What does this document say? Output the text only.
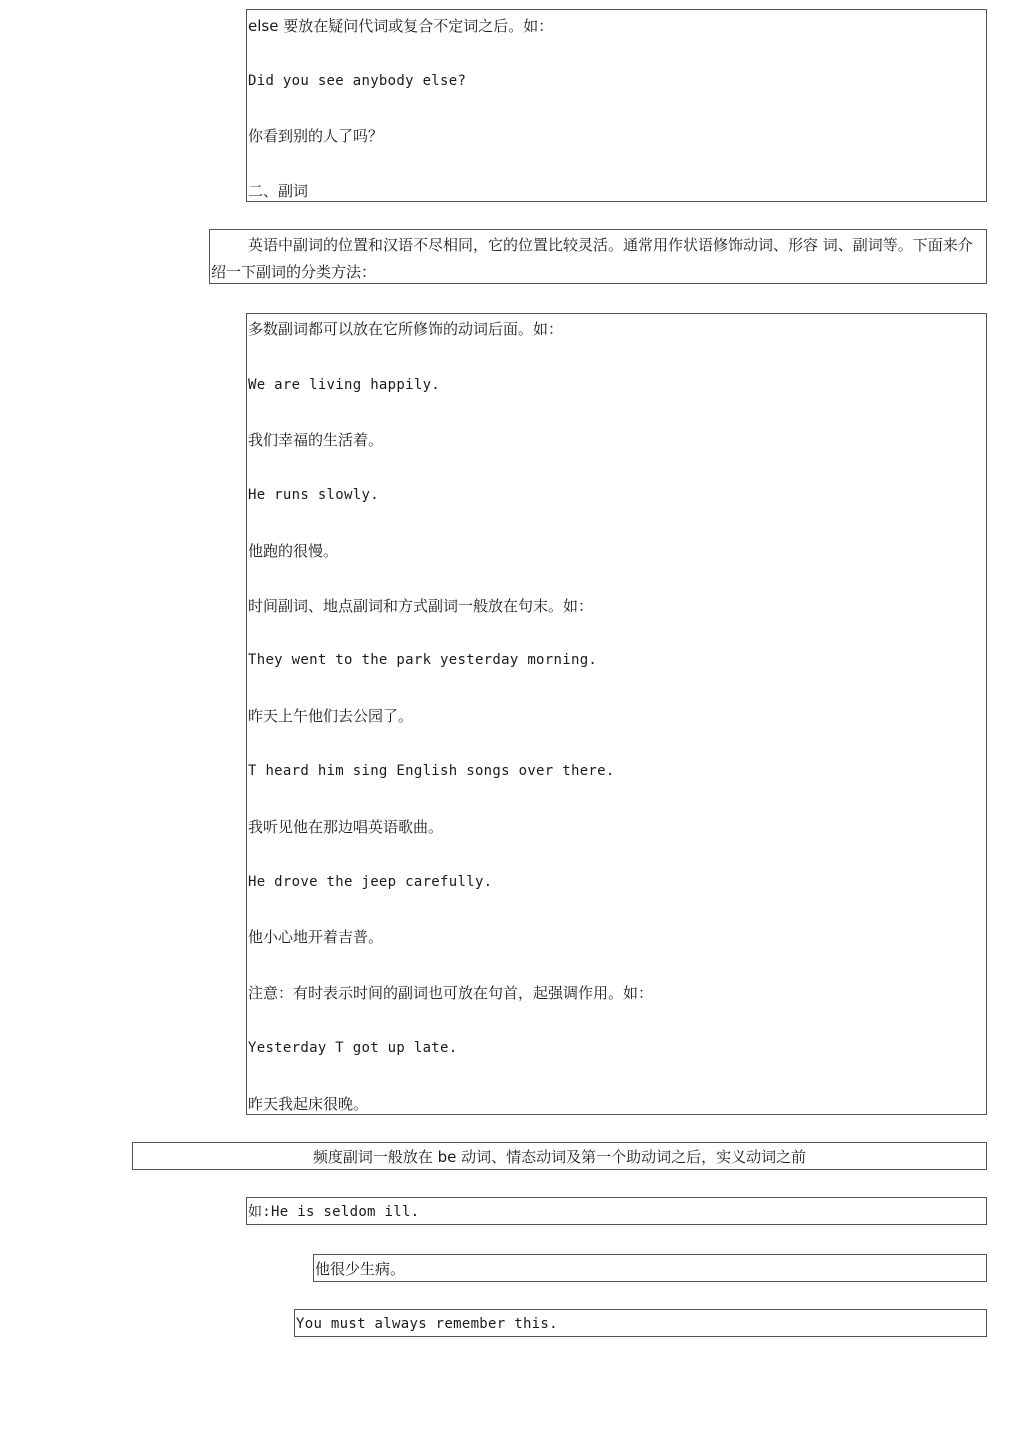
else 要放在疑问代词或复合不定词之后。如：
Did you see anybody else?
你看到别的人了吗？
二、副词
英语中副词的位置和汉语不尽相同，它的位置比较灵活。通常用作状语修饰动词、形容 词、副词等。下面来介绍一下副词的分类方法：
多数副词都可以放在它所修饰的动词后面。如：
We are living happily.
我们幸福的生活着。
He runs slowly.
他跑的很慢。
时间副词、地点副词和方式副词一般放在句末。如：
They went to the park yesterday morning.
昨天上午他们去公园了。
T heard him sing English songs over there.
我听见他在那边唱英语歌曲。
He drove the jeep carefully.
他小心地开着吉普。
注意：有时表示时间的副词也可放在句首，起强调作用。如：
Yesterday T got up late.
昨天我起床很晚。
频度副词一般放在 be 动词、情态动词及第一个助动词之后，实义动词之前
如:He is seldom ill.
他很少生病。
You must always remember this.
